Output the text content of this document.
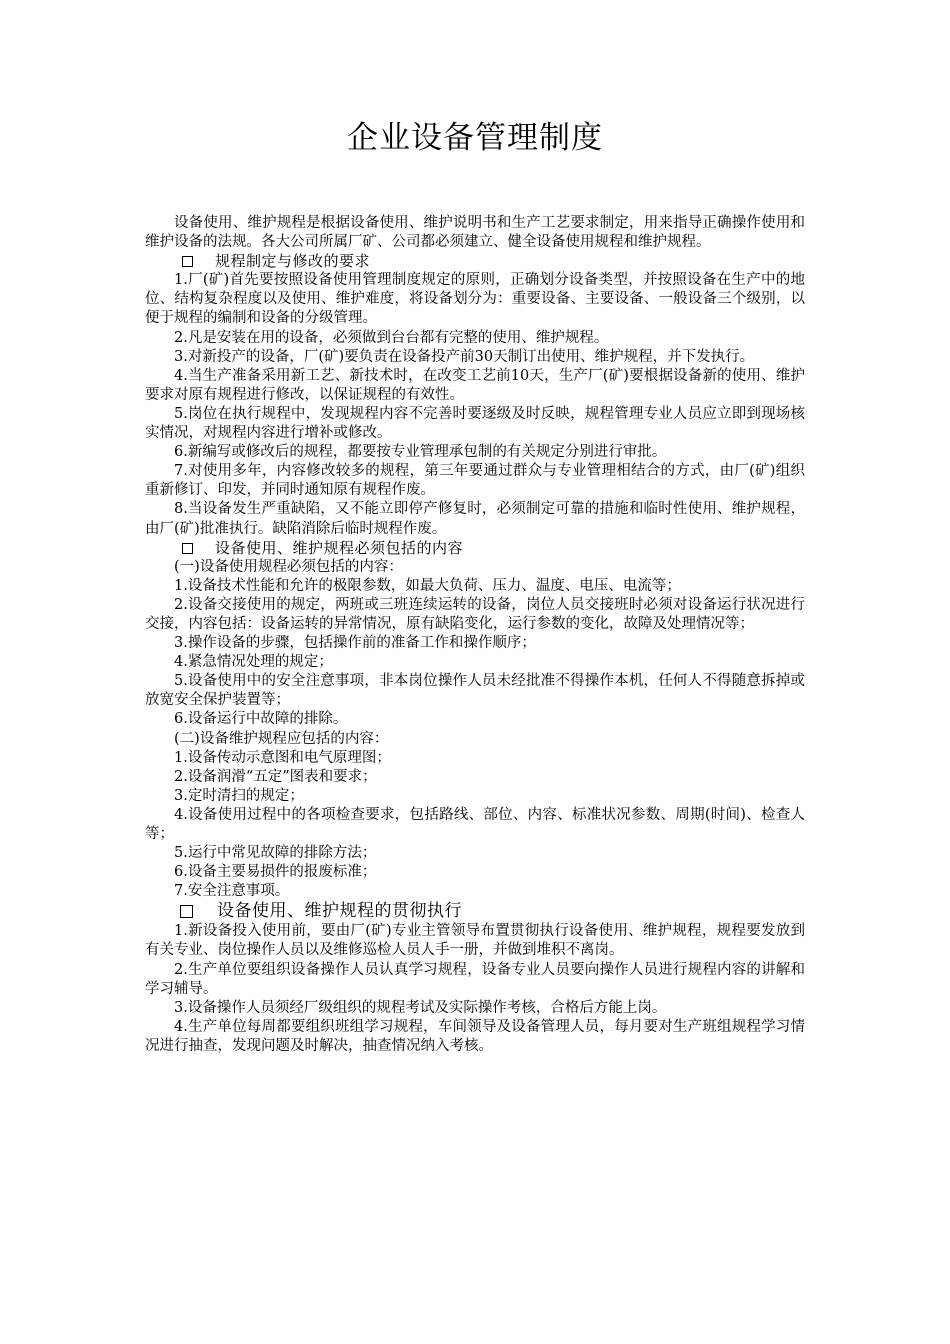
企业设备管理制度

设备使用、维护规程是根据设备使用、维护说明书和生产工艺要求制定，用来指导正确操作使用和维护设备的法规。各大公司所属厂矿、公司都必须建立、健全设备使用规程和维护规程。

规程制定与修改的要求

1.厂(矿)首先要按照设备使用管理制度规定的原则，正确划分设备类型，并按照设备在生产中的地位、结构复杂程度以及使用、维护难度，将设备划分为：重要设备、主要设备、一般设备三个级别，以便于规程的编制和设备的分级管理。

2.凡是安装在用的设备，必须做到台台都有完整的使用、维护规程。

3.对新投产的设备，厂(矿)要负责在设备投产前30天制订出使用、维护规程，并下发执行。

4.当生产准备采用新工艺、新技术时，在改变工艺前10天，生产厂(矿)要根据设备新的使用、维护要求对原有规程进行修改，以保证规程的有效性。

5.岗位在执行规程中，发现规程内容不完善时要逐级及时反映，规程管理专业人员应立即到现场核实情况，对规程内容进行增补或修改。

6.新编写或修改后的规程，都要按专业管理承包制的有关规定分别进行审批。

7.对使用多年，内容修改较多的规程，第三年要通过群众与专业管理相结合的方式，由厂(矿)组织重新修订、印发，并同时通知原有规程作废。

8.当设备发生严重缺陷，又不能立即停产修复时，必须制定可靠的措施和临时性使用、维护规程，由厂(矿)批准执行。缺陷消除后临时规程作废。

设备使用、维护规程必须包括的内容

(一)设备使用规程必须包括的内容：

1.设备技术性能和允许的极限参数，如最大负荷、压力、温度、电压、电流等；

2.设备交接使用的规定，两班或三班连续运转的设备，岗位人员交接班时必须对设备运行状况进行交接，内容包括：设备运转的异常情况，原有缺陷变化，运行参数的变化，故障及处理情况等；

3.操作设备的步骤，包括操作前的准备工作和操作顺序；

4.紧急情况处理的规定；

5.设备使用中的安全注意事项，非本岗位操作人员未经批准不得操作本机，任何人不得随意拆掉或放宽安全保护装置等；

6.设备运行中故障的排除。

(二)设备维护规程应包括的内容：

1.设备传动示意图和电气原理图；

2.设备润滑“五定”图表和要求；

3.定时清扫的规定；

4.设备使用过程中的各项检查要求，包括路线、部位、内容、标准状况参数、周期(时间)、检查人等；

5.运行中常见故障的排除方法；

6.设备主要易损件的报废标准；

7.安全注意事项。

设备使用、维护规程的贯彻执行

1.新设备投入使用前，要由厂(矿)专业主管领导布置贯彻执行设备使用、维护规程，规程要发放到有关专业、岗位操作人员以及维修巡检人员人手一册，并做到堆积不离岗。

2.生产单位要组织设备操作人员认真学习规程，设备专业人员要向操作人员进行规程内容的讲解和学习辅导。

3.设备操作人员须经厂级组织的规程考试及实际操作考核，合格后方能上岗。

4.生产单位每周都要组织班组学习规程，车间领导及设备管理人员，每月要对生产班组规程学习情况进行抽查，发现问题及时解决，抽查情况纳入考核。
